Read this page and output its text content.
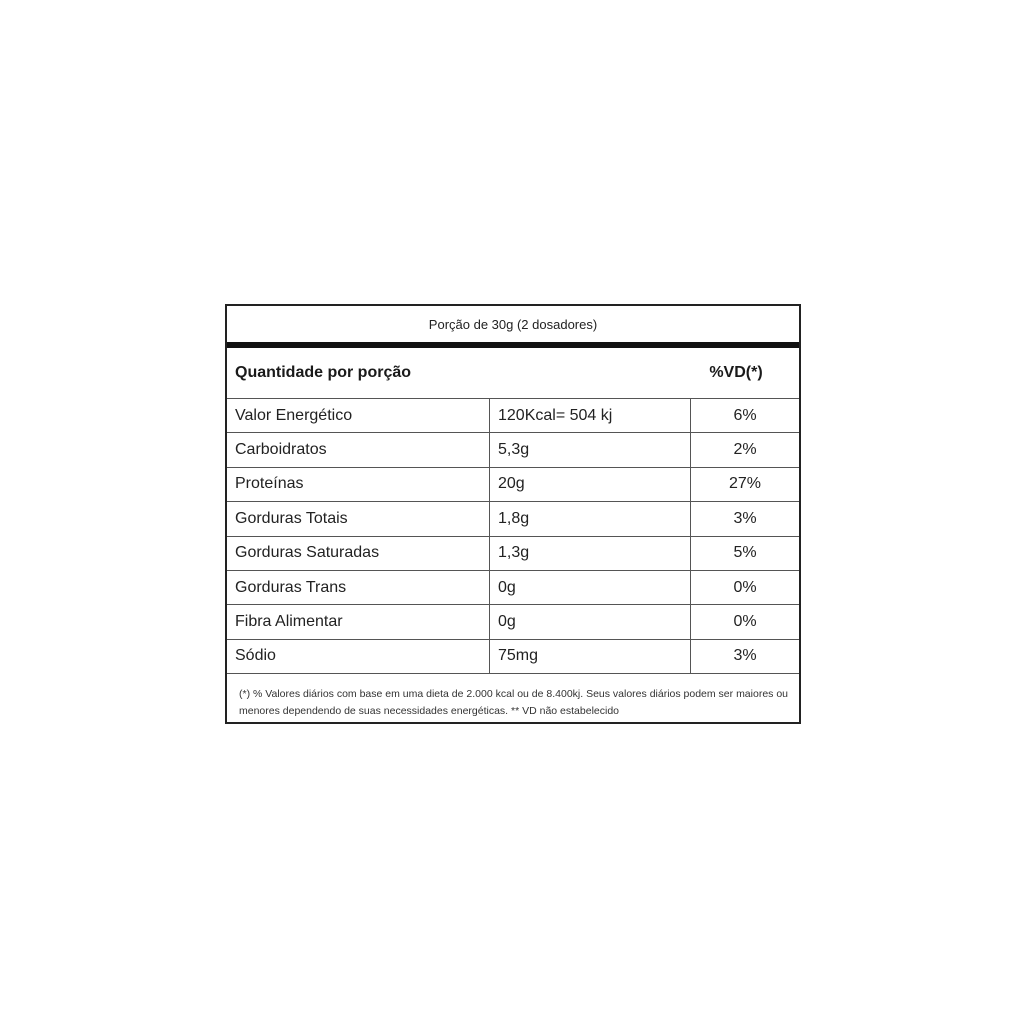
Porção de 30g (2 dosadores)
Quantidade por porção	%VD(*)
Valor Energético	120Kcal= 504 kj	6%
Carboidratos	5,3g	2%
Proteínas	20g	27%
Gorduras Totais	1,8g	3%
Gorduras Saturadas	1,3g	5%
Gorduras Trans	0g	0%
Fibra Alimentar	0g	0%
Sódio	75mg	3%
(*) % Valores diários com base em uma dieta de 2.000 kcal ou de 8.400kj. Seus valores diários podem ser maiores ou menores dependendo de suas necessidades energéticas. ** VD não estabelecido
